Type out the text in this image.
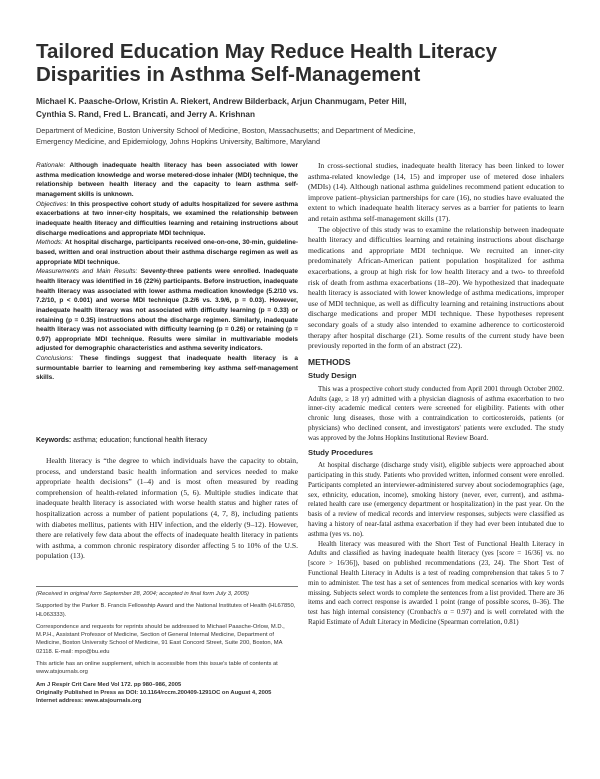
Tailored Education May Reduce Health Literacy
Disparities in Asthma Self-Management
Michael K. Paasche-Orlow, Kristin A. Riekert, Andrew Bilderback, Arjun Chanmugam, Peter Hill,
Cynthia S. Rand, Fred L. Brancati, and Jerry A. Krishnan
Department of Medicine, Boston University School of Medicine, Boston, Massachusetts; and Department of Medicine,
Emergency Medicine, and Epidemiology, Johns Hopkins University, Baltimore, Maryland

Rationale: Although inadequate health literacy has been associated with lower asthma medication knowledge and worse metered-dose inhaler (MDI) technique, the relationship between health literacy and the capacity to learn asthma self-management skills is unknown.

Objectives: In this prospective cohort study of adults hospitalized for severe asthma exacerbations at two inner-city hospitals, we examined the relationship between inadequate health literacy and difficulties learning and retaining instructions about discharge medications and appropriate MDI technique.

Methods: At hospital discharge, participants received one-on-one, 30-min, guideline-based, written and oral instruction about their asthma discharge regimen as well as appropriate MDI technique.

Measurements and Main Results: Seventy-three patients were enrolled. Inadequate health literacy was identified in 16 (22%) participants. Before instruction, inadequate health literacy was associated with lower asthma medication knowledge (5.2/10 vs. 7.2/10, p < 0.001) and worse MDI technique (3.2/6 vs. 3.9/6, p = 0.03). However, inadequate health literacy was not associated with difficulty learning (p = 0.33) or retaining (p = 0.35) instructions about the discharge regimen. Similarly, inadequate health literacy was not associated with difficulty learning (p = 0.26) or retaining (p = 0.97) appropriate MDI technique. Results were similar in multivariable models adjusted for demographic characteristics and asthma severity indicators.

Conclusions: These findings suggest that inadequate health literacy is a surmountable barrier to learning and remembering key asthma self-management skills.

Keywords: asthma; education; functional health literacy

Health literacy is “the degree to which individuals have the capacity to obtain, process, and understand basic health information and services needed to make appropriate health decisions” (1–4) and is most often measured by reading comprehension of health-related information (5, 6). Multiple studies indicate that inadequate health literacy is associated with worse health status and higher rates of hospitalization across a number of patient populations (4, 7, 8), including patients with diabetes mellitus, patients with HIV infection, and the elderly (9–12). However, there are relatively few data about the effects of inadequate health literacy in patients with asthma, a common chronic respiratory disorder affecting 5 to 10% of the U.S. population (13).

(Received in original form September 28, 2004; accepted in final form July 3, 2005)

Supported by the Parker B. Francis Fellowship Award and the National Institutes of Health (HL67850, HL063333).

Correspondence and requests for reprints should be addressed to Michael Paasche-Orlow, M.D., M.P.H., Assistant Professor of Medicine, Section of General Internal Medicine, Department of Medicine, Boston University School of Medicine, 91 East Concord Street, Suite 200, Boston, MA 02118. E-mail: mpo@bu.edu

This article has an online supplement, which is accessible from this issue's table of contents at www.atsjournals.org

Am J Respir Crit Care Med Vol 172. pp 980–986, 2005

Originally Published in Press as DOI: 10.1164/rccm.200409-1291OC on August 4, 2005

Internet address: www.atsjournals.org

In cross-sectional studies, inadequate health literacy has been linked to lower asthma-related knowledge (14, 15) and improper use of metered dose inhalers (MDIs) (14). Although national asthma guidelines recommend patient education to improve patient–physician partnerships for care (16), no studies have evaluated the extent to which inadequate health literacy serves as a barrier for patients to learn and retain asthma self-management skills (17).

The objective of this study was to examine the relationship between inadequate health literacy and difficulties learning and retaining instructions about discharge medications and appropriate MDI technique. We recruited an inner-city predominately African-American patient population hospitalized for asthma exacerbations, a group at high risk for low health literacy and a two- to threefold risk of death from asthma exacerbations (18–20). We hypothesized that inadequate health literacy is associated with lower knowledge of asthma medications, improper use of MDI technique, as well as difficulty learning and retaining instructions about discharge medications and proper MDI technique. These hypotheses represent secondary goals of a study also intended to examine adherence to corticosteroid therapy after hospital discharge (21). Some results of the current study have been previously reported in the form of an abstract (22).

METHODS
Study Design

This was a prospective cohort study conducted from April 2001 through October 2002. Adults (age, ≥ 18 yr) admitted with a physician diagnosis of asthma exacerbation to two inner-city academic medical centers were screened for eligibility. Patients with other chronic lung diseases, those with a contraindication to corticosteroids, patients (or physicians) who declined consent, and investigators' patients were excluded. The study was approved by the Johns Hopkins Institutional Review Board.

Study Procedures

At hospital discharge (discharge study visit), eligible subjects were approached about participating in this study. Patients who provided written, informed consent were enrolled. Participants completed an interviewer-administered survey about sociodemographics (age, sex, ethnicity, education, income), smoking history (never, ever, current), and asthma-related health care use (emergency department or hospitalization) in the past year. On the basis of a review of medical records and interview responses, subjects were classified as having a history of near-fatal asthma exacerbation if they had ever been intubated due to asthma (yes vs. no).

Health literacy was measured with the Short Test of Functional Health Literacy in Adults and classified as having inadequate health literacy (yes [score = 16/36] vs. no [score > 16/36]), based on published recommendations (23, 24). The Short Test of Functional Health Literacy in Adults is a test of reading comprehension that takes 5 to 7 min to administer. The test has a set of sentences from medical scenarios with key words missing. Subjects select words to complete the sentences from a list provided. There are 36 items and each correct response is awarded 1 point (range of possible scores, 0–36). The test has high internal consistency (Cronbach's α = 0.97) and is well correlated with the Rapid Estimate of Adult Literacy in Medicine (Spearman correlation, 0.81)
